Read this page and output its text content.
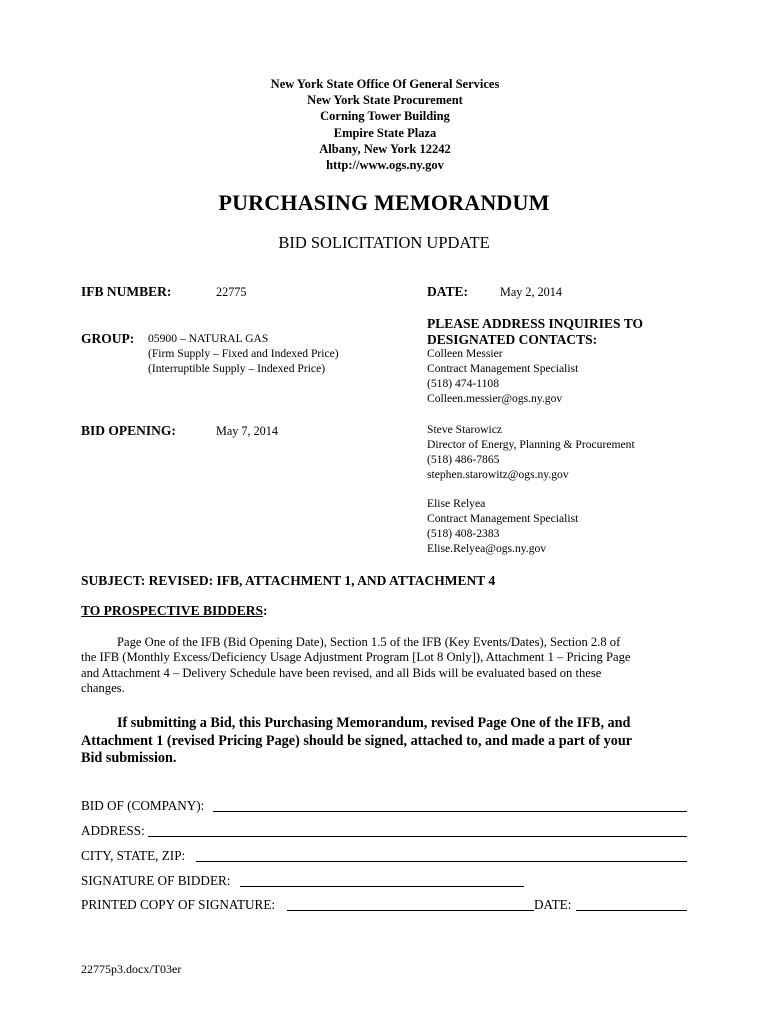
New York State Office Of General Services
New York State Procurement
Corning Tower Building
Empire State Plaza
Albany, New York 12242
http://www.ogs.ny.gov
PURCHASING MEMORANDUM
BID SOLICITATION UPDATE
IFB NUMBER:	22775	DATE:	May 2, 2014
GROUP: 05900 – NATURAL GAS
(Firm Supply – Fixed and Indexed Price)
(Interruptible Supply – Indexed Price)
PLEASE ADDRESS INQUIRIES TO
DESIGNATED CONTACTS:
Colleen Messier
Contract Management Specialist
(518) 474-1108
Colleen.messier@ogs.ny.gov
Steve Starowicz
Director of Energy, Planning & Procurement
(518) 486-7865
stephen.starowitz@ogs.ny.gov
Elise Relyea
Contract Management Specialist
(518) 408-2383
Elise.Relyea@ogs.ny.gov
BID OPENING:	May 7, 2014
SUBJECT: REVISED: IFB, ATTACHMENT 1, AND ATTACHMENT 4
TO PROSPECTIVE BIDDERS:
Page One of the IFB (Bid Opening Date), Section 1.5 of the IFB (Key Events/Dates), Section 2.8 of
the IFB (Monthly Excess/Deficiency Usage Adjustment Program [Lot 8 Only]), Attachment 1 – Pricing Page
and Attachment 4 – Delivery Schedule have been revised, and all Bids will be evaluated based on these
changes.
If submitting a Bid, this Purchasing Memorandum, revised Page One of the IFB, and
Attachment 1 (revised Pricing Page) should be signed, attached to, and made a part of your
Bid submission.
BID OF (COMPANY):
ADDRESS:
CITY, STATE, ZIP:
SIGNATURE OF BIDDER:
PRINTED COPY OF SIGNATURE:	DATE:
22775p3.docx/T03er
